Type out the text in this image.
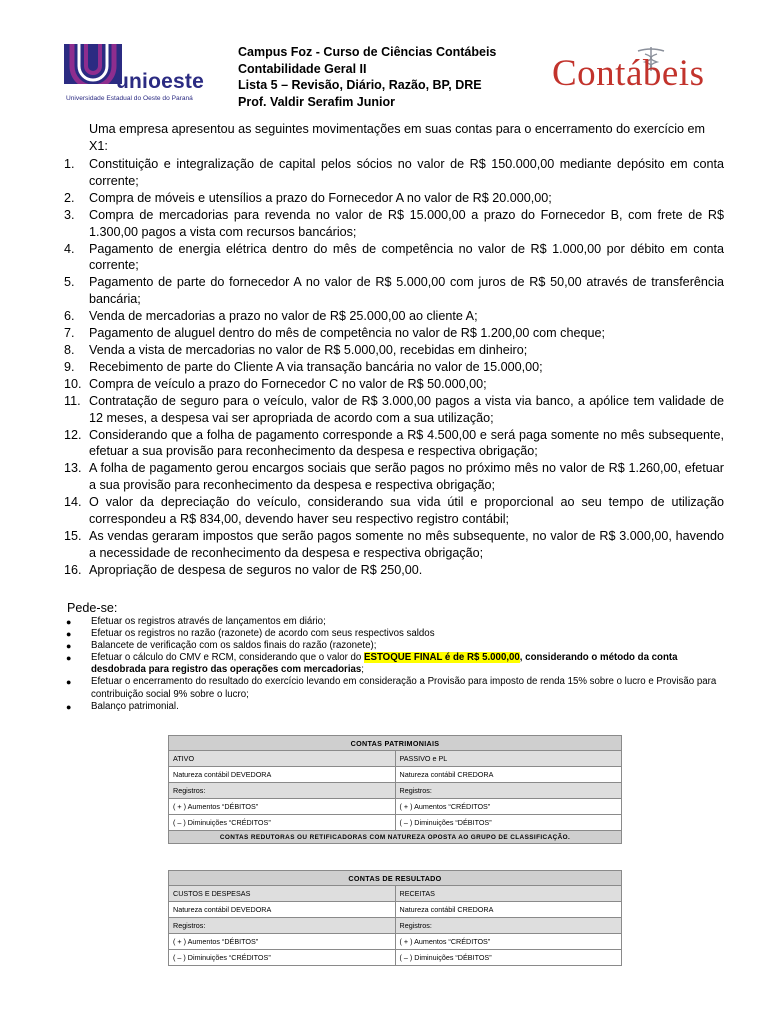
unioeste
Universidade Estadual do Oeste do Paraná
Campus Foz - Curso de Ciências Contábeis
Contabilidade Geral II
Lista 5 – Revisão, Diário, Razão, BP, DRE
Prof. Valdir Serafim Junior
Contábeis
Uma empresa apresentou as seguintes movimentações em suas contas para o encerramento do exercício em X1:
1.	Constituição e integralização de capital pelos sócios no valor de R$ 150.000,00 mediante depósito em conta corrente;
2.	Compra de móveis e utensílios a prazo do Fornecedor A no valor de R$ 20.000,00;
3.	Compra de mercadorias para revenda no valor de R$ 15.000,00 a prazo do Fornecedor B, com frete de R$ 1.300,00 pagos a vista com recursos bancários;
4.	Pagamento de energia elétrica dentro do mês de competência no valor de R$ 1.000,00 por débito em conta corrente;
5.	Pagamento de parte do fornecedor A no valor de R$ 5.000,00 com juros de R$ 50,00 através de transferência bancária;
6.	Venda de mercadorias a prazo no valor de R$ 25.000,00 ao cliente A;
7.	Pagamento de aluguel dentro do mês de competência no valor de R$ 1.200,00 com cheque;
8.	Venda a vista de mercadorias no valor de R$ 5.000,00, recebidas em dinheiro;
9.	Recebimento de parte do Cliente A via transação bancária no valor de 15.000,00;
10. Compra de veículo a prazo do Fornecedor C no valor de R$ 50.000,00;
11. Contratação de seguro para o veículo, valor de R$ 3.000,00 pagos a vista via banco, a apólice tem validade de 12 meses, a despesa vai ser apropriada de acordo com a sua utilização;
12. Considerando que a folha de pagamento corresponde a R$ 4.500,00 e será paga somente no mês subsequente, efetuar a sua provisão para reconhecimento da despesa e respectiva obrigação;
13. A folha de pagamento gerou encargos sociais que serão pagos no próximo mês no valor de R$ 1.260,00, efetuar a sua provisão para reconhecimento da despesa e respectiva obrigação;
14. O valor da depreciação do veículo, considerando sua vida útil e proporcional ao seu tempo de utilização correspondeu a R$ 834,00, devendo haver seu respectivo registro contábil;
15. As vendas geraram impostos que serão pagos somente no mês subsequente, no valor de R$ 3.000,00, havendo a necessidade de reconhecimento da despesa e respectiva obrigação;
16. Apropriação de despesa de seguros no valor de R$ 250,00.
Pede-se:
●	Efetuar os registros através de lançamentos em diário;
●	Efetuar os registros no razão (razonete) de acordo com seus respectivos saldos
●	Balancete de verificação com os saldos finais do razão (razonete);
●	Efetuar o cálculo do CMV e RCM, considerando que o valor do ESTOQUE FINAL é de R$ 5.000,00, considerando o método da conta desdobrada para registro das operações com mercadorias;
●	Efetuar o encerramento do resultado do exercício levando em consideração a Provisão para imposto de renda 15% sobre o lucro e Provisão para contribuição social 9% sobre o lucro;
●	Balanço patrimonial.
CONTAS PATRIMONIAIS	
ATIVO	PASSIVO e PL
Natureza contábil DEVEDORA	Natureza contábil CREDORA
Registros:	Registros:
( + ) Aumentos “DÉBITOS”	( + ) Aumentos “CRÉDITOS”
( – ) Diminuições “CRÉDITOS”	( – ) Diminuições “DÉBITOS”
CONTAS REDUTORAS OU RETIFICADORAS COM NATUREZA OPOSTA AO GRUPO DE CLASSIFICAÇÃO.	
CONTAS DE RESULTADO	
CUSTOS E DESPESAS	RECEITAS
Natureza contábil DEVEDORA	Natureza contábil CREDORA
Registros:	Registros:
( + ) Aumentos “DÉBITOS”	( + ) Aumentos “CRÉDITOS”
( – ) Diminuições “CRÉDITOS”	( – ) Diminuições “DÉBITOS”
